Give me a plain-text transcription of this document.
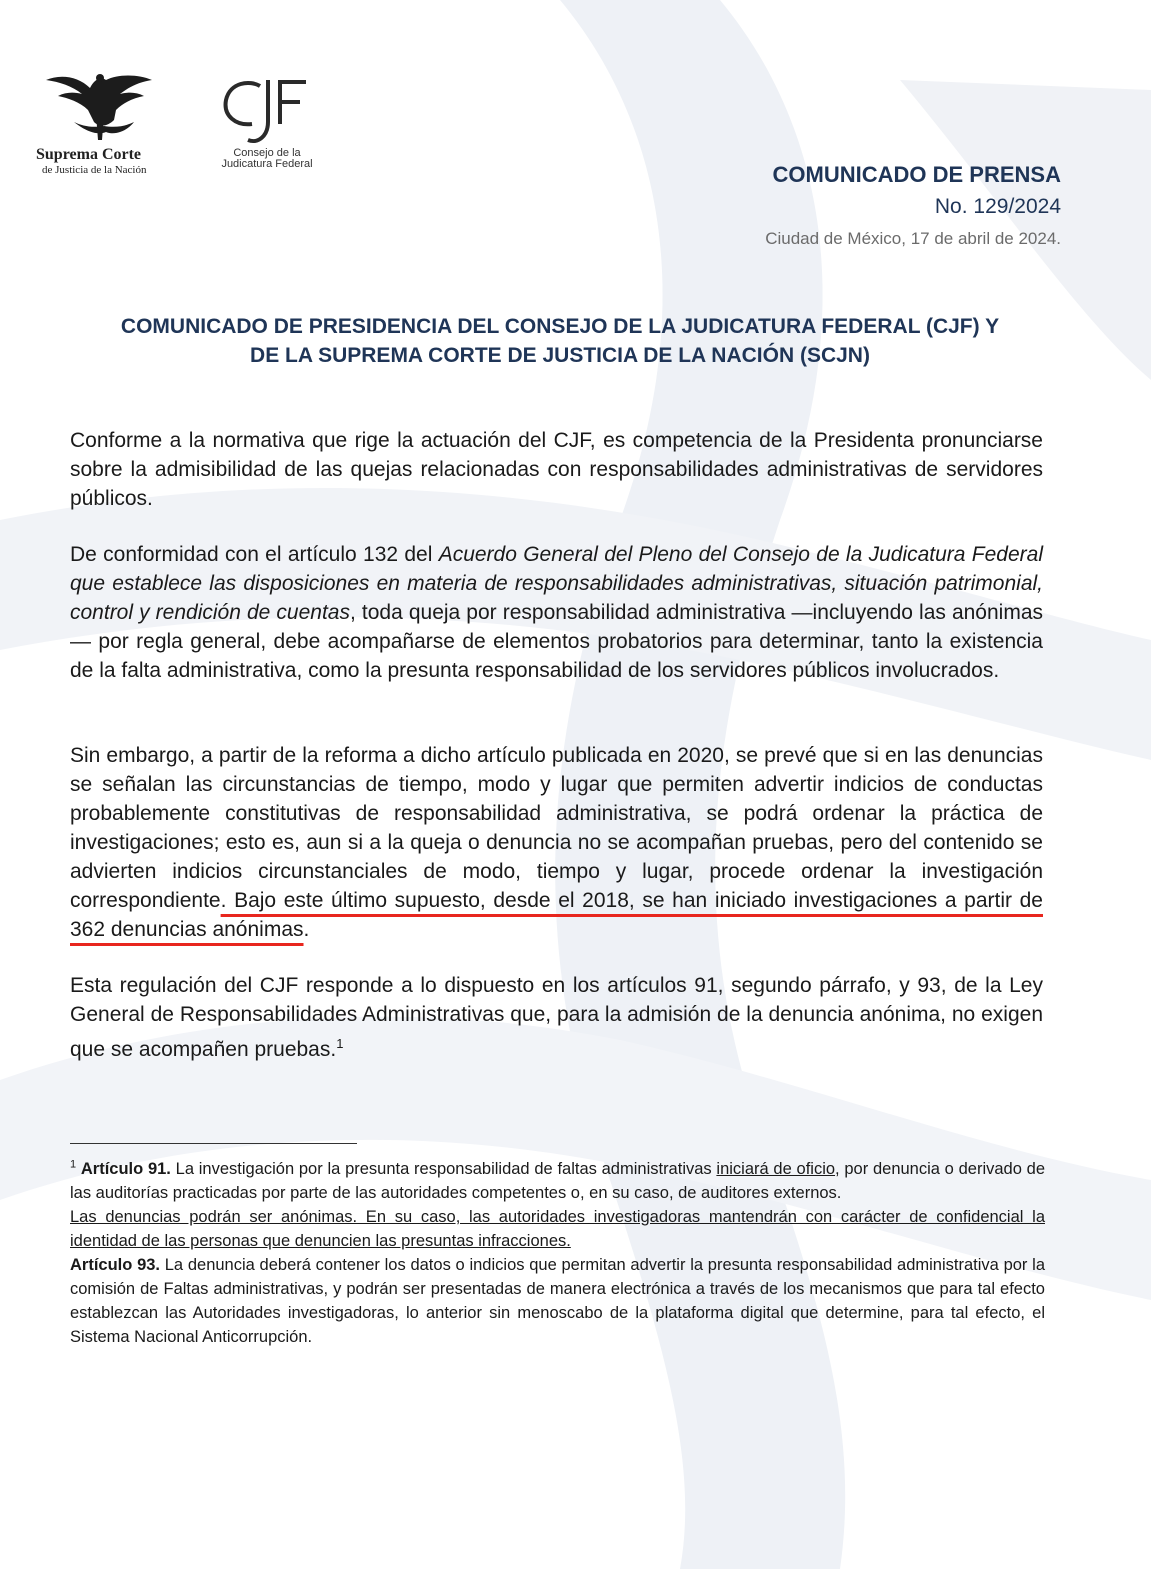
Suprema Corte
de Justicia de la Nación
Consejo de la
Judicatura Federal	COMUNICADO DE PRENSA
No. 129/2024
Ciudad de México, 17 de abril de 2024.
COMUNICADO DE PRESIDENCIA DEL CONSEJO DE LA JUDICATURA FEDERAL (CJF) Y
DE LA SUPREMA CORTE DE JUSTICIA DE LA NACIÓN (SCJN)
Conforme a la normativa que rige la actuación del CJF, es competencia de la Presidenta pronunciarse sobre la admisibilidad de las quejas relacionadas con responsabilidades administrativas de servidores públicos.
De conformidad con el artículo 132 del Acuerdo General del Pleno del Consejo de la Judicatura Federal que establece las disposiciones en materia de responsabilidades administrativas, situación patrimonial, control y rendición de cuentas, toda queja por responsabilidad administrativa —incluyendo las anónimas— por regla general, debe acompañarse de elementos probatorios para determinar, tanto la existencia de la falta administrativa, como la presunta responsabilidad de los servidores públicos involucrados.
Sin embargo, a partir de la reforma a dicho artículo publicada en 2020, se prevé que si en las denuncias se señalan las circunstancias de tiempo, modo y lugar que permiten advertir indicios de conductas probablemente constitutivas de responsabilidad administrativa, se podrá ordenar la práctica de investigaciones; esto es, aun si a la queja o denuncia no se acompañan pruebas, pero del contenido se advierten indicios circunstanciales de modo, tiempo y lugar, procede ordenar la investigación correspondiente. Bajo este último supuesto, desde el 2018, se han iniciado investigaciones a partir de 362 denuncias anónimas.
Esta regulación del CJF responde a lo dispuesto en los artículos 91, segundo párrafo, y 93, de la Ley General de Responsabilidades Administrativas que, para la admisión de la denuncia anónima, no exigen que se acompañen pruebas.$^1$

$^1$ Artículo 91. La investigación por la presunta responsabilidad de faltas administrativas iniciará de oficio, por denuncia o derivado de las auditorías practicadas por parte de las autoridades competentes o, en su caso, de auditores externos.

Las denuncias podrán ser anónimas. En su caso, las autoridades investigadoras mantendrán con carácter de confidencial la identidad de las personas que denuncien las presuntas infracciones.

Artículo 93. La denuncia deberá contener los datos o indicios que permitan advertir la presunta responsabilidad administrativa por la comisión de Faltas administrativas, y podrán ser presentadas de manera electrónica a través de los mecanismos que para tal efecto establezcan las Autoridades investigadoras, lo anterior sin menoscabo de la plataforma digital que determine, para tal efecto, el Sistema Nacional Anticorrupción.
